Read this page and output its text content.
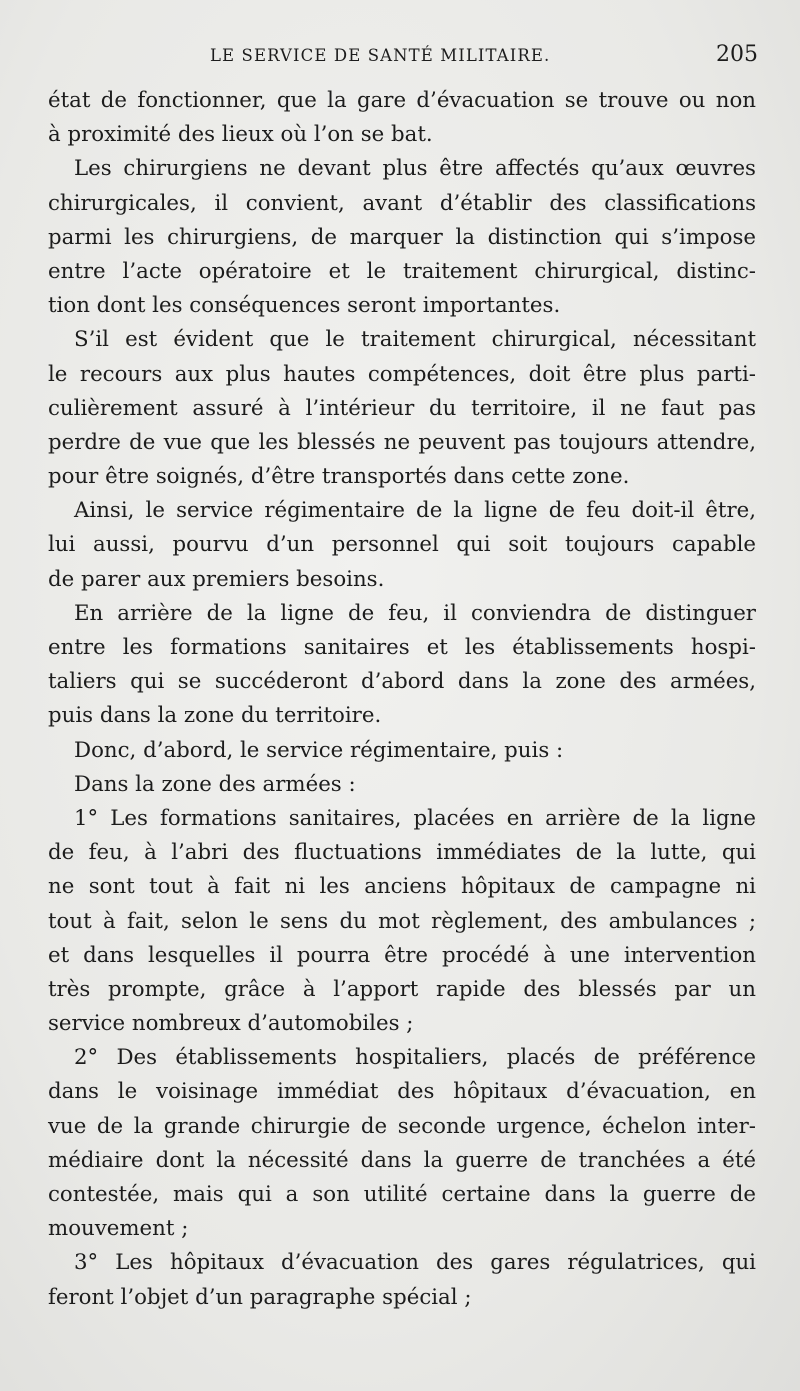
LE SERVICE DE SANTÉ MILITAIRE.	205
état de fonctionner, que la gare d’évacuation se trouve ou non
à proximité des lieux où l’on se bat.
Les chirurgiens ne devant plus être affectés qu’aux œuvres
chirurgicales, il convient, avant d’établir des classifications
parmi les chirurgiens, de marquer la distinction qui s’impose
entre l’acte opératoire et le traitement chirurgical, distinc-
tion dont les conséquences seront importantes.
S’il est évident que le traitement chirurgical, nécessitant
le recours aux plus hautes compétences, doit être plus parti-
culièrement assuré à l’intérieur du territoire, il ne faut pas
perdre de vue que les blessés ne peuvent pas toujours attendre,
pour être soignés, d’être transportés dans cette zone.
Ainsi, le service régimentaire de la ligne de feu doit-il être,
lui aussi, pourvu d’un personnel qui soit toujours capable
de parer aux premiers besoins.
En arrière de la ligne de feu, il conviendra de distinguer
entre les formations sanitaires et les établissements hospi-
taliers qui se succéderont d’abord dans la zone des armées,
puis dans la zone du territoire.
Donc, d’abord, le service régimentaire, puis :
Dans la zone des armées :
1° Les formations sanitaires, placées en arrière de la ligne
de feu, à l’abri des fluctuations immédiates de la lutte, qui
ne sont tout à fait ni les anciens hôpitaux de campagne ni
tout à fait, selon le sens du mot règlement, des ambulances ;
et dans lesquelles il pourra être procédé à une intervention
très prompte, grâce à l’apport rapide des blessés par un
service nombreux d’automobiles ;
2° Des établissements hospitaliers, placés de préférence
dans le voisinage immédiat des hôpitaux d’évacuation, en
vue de la grande chirurgie de seconde urgence, échelon inter-
médiaire dont la nécessité dans la guerre de tranchées a été
contestée, mais qui a son utilité certaine dans la guerre de
mouvement ;
3° Les hôpitaux d’évacuation des gares régulatrices, qui
feront l’objet d’un paragraphe spécial ;
